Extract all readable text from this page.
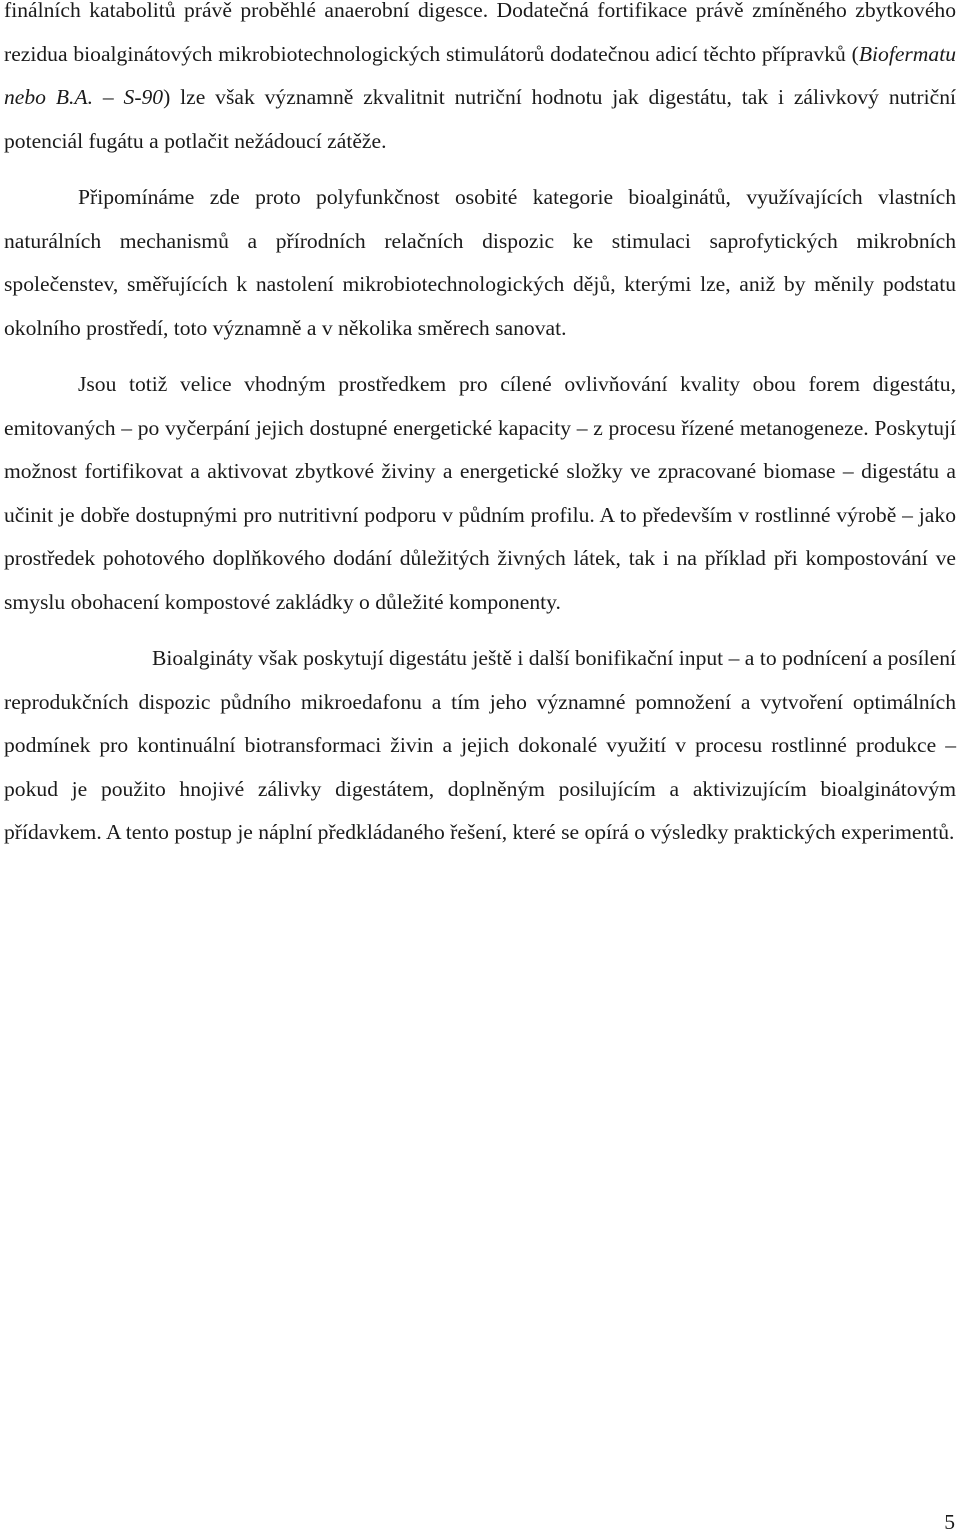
finálních katabolitů právě proběhlé anaerobní digesce. Dodatečná fortifikace právě zmíněného zbytkového rezidua bioalginátových mikrobiotechnologických stimulátorů dodatečnou adicí těchto přípravků (Biofermatu nebo B.A. – S-90) lze však významně zkvalitnit nutriční hodnotu jak digestátu, tak i zálivkový nutriční potenciál fugátu a potlačit nežádoucí zátěže.

Připomínáme zde proto polyfunkčnost osobité kategorie bioalginátů, využívajících vlastních naturálních mechanismů a přírodních relačních dispozic ke stimulaci saprofytických mikrobních společenstev, směřujících k nastolení mikrobiotechnologických dějů, kterými lze, aniž by měnily podstatu okolního prostředí, toto významně a v několika směrech sanovat.

Jsou totiž velice vhodným prostředkem pro cílené ovlivňování kvality obou forem digestátu, emitovaných – po vyčerpání jejich dostupné energetické kapacity – z procesu řízené metanogeneze. Poskytují možnost fortifikovat a aktivovat zbytkové živiny a energetické složky ve zpracované biomase – digestátu a učinit je dobře dostupnými pro nutritivní podporu v půdním profilu. A to především v rostlinné výrobě – jako prostředek pohotového doplňkového dodání důležitých živných látek, tak i na příklad při kompostování ve smyslu obohacení kompostové zakládky o důležité komponenty.

Bioalgináty však poskytují digestátu ještě i další bonifikační input – a to podnícení a posílení reprodukčních dispozic půdního mikroedafonu a tím jeho významné pomnožení a vytvoření optimálních podmínek pro kontinuální biotransformaci živin a jejich dokonalé využití v procesu rostlinné produkce – pokud je použito hnojivé zálivky digestátem, doplněným posilujícím a aktivizujícím bioalginátovým přídavkem. A tento postup je náplní předkládaného řešení, které se opírá o výsledky praktických experimentů.

5
